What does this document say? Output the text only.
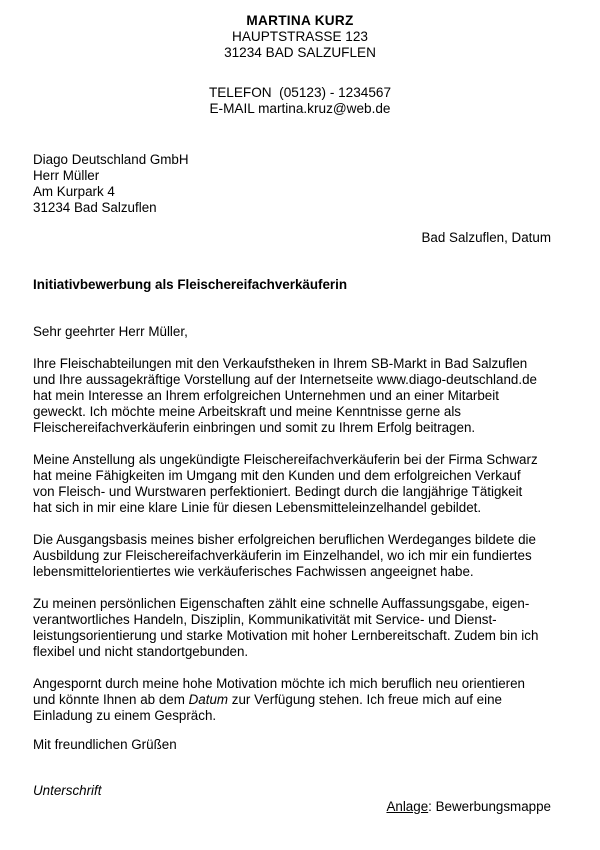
MARTINA KURZ
HAUPTSTRASSE 123
31234 BAD SALZUFLEN
TELEFON  (05123) - 1234567
E-MAIL martina.kruz@web.de
Diago Deutschland GmbH
Herr Müller
Am Kurpark 4
31234 Bad Salzuflen
Bad Salzuflen, Datum
Initiativbewerbung als Fleischereifachverkäuferin
Sehr geehrter Herr Müller,
Ihre Fleischabteilungen mit den Verkaufstheken in Ihrem SB-Markt in Bad Salzuflen
und Ihre aussagekräftige Vorstellung auf der Internetseite www.diago-deutschland.de
hat mein Interesse an Ihrem erfolgreichen Unternehmen und an einer Mitarbeit
geweckt. Ich möchte meine Arbeitskraft und meine Kenntnisse gerne als
Fleischereifachverkäuferin einbringen und somit zu Ihrem Erfolg beitragen.
Meine Anstellung als ungekündigte Fleischereifachverkäuferin bei der Firma Schwarz
hat meine Fähigkeiten im Umgang mit den Kunden und dem erfolgreichen Verkauf
von Fleisch- und Wurstwaren perfektioniert. Bedingt durch die langjährige Tätigkeit
hat sich in mir eine klare Linie für diesen Lebensmitteleinzelhandel gebildet.
Die Ausgangsbasis meines bisher erfolgreichen beruflichen Werdeganges bildete die
Ausbildung zur Fleischereifachverkäuferin im Einzelhandel, wo ich mir ein fundiertes
lebensmittelorientiertes wie verkäuferisches Fachwissen angeeignet habe.
Zu meinen persönlichen Eigenschaften zählt eine schnelle Auffassungsgabe, eigen-
verantwortliches Handeln, Disziplin, Kommunikativität mit Service- und Dienst-
leistungsorientierung und starke Motivation mit hoher Lernbereitschaft. Zudem bin ich
flexibel und nicht standortgebunden.
Angespornt durch meine hohe Motivation möchte ich mich beruflich neu orientieren
und könnte Ihnen ab dem Datum zur Verfügung stehen. Ich freue mich auf eine
Einladung zu einem Gespräch.
Mit freundlichen Grüßen
Unterschrift
Anlage: Bewerbungsmappe
